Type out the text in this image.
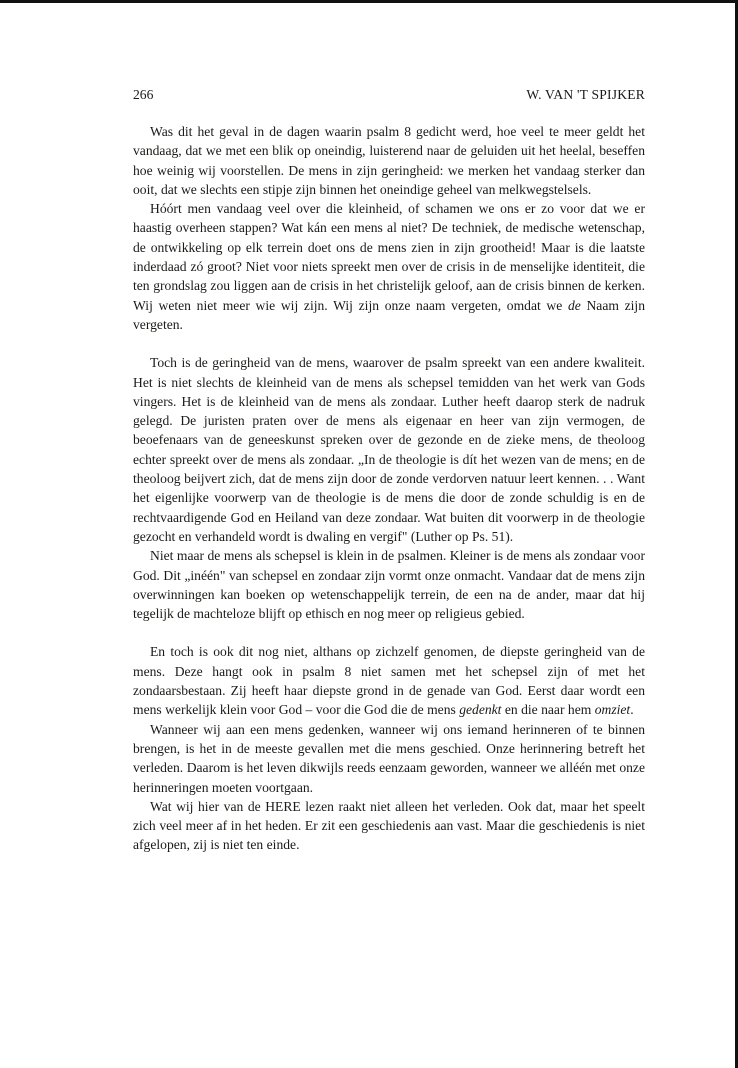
266	W. VAN 'T SPIJKER

Was dit het geval in de dagen waarin psalm 8 gedicht werd, hoe veel te meer geldt het vandaag, dat we met een blik op oneindig, luisterend naar de geluiden uit het heelal, beseffen hoe weinig wij voorstellen. De mens in zijn geringheid: we merken het vandaag sterker dan ooit, dat we slechts een stipje zijn binnen het oneindige geheel van melkwegstelsels.

Hóórt men vandaag veel over die kleinheid, of schamen we ons er zo voor dat we er haastig overheen stappen? Wat kán een mens al niet? De techniek, de medische wetenschap, de ontwikkeling op elk terrein doet ons de mens zien in zijn grootheid! Maar is die laatste inderdaad zó groot? Niet voor niets spreekt men over de crisis in de menselijke identiteit, die ten grondslag zou liggen aan de crisis in het christelijk geloof, aan de crisis binnen de kerken. Wij weten niet meer wie wij zijn. Wij zijn onze naam vergeten, omdat we de Naam zijn vergeten.

Toch is de geringheid van de mens, waarover de psalm spreekt van een andere kwaliteit. Het is niet slechts de kleinheid van de mens als schepsel temidden van het werk van Gods vingers. Het is de kleinheid van de mens als zondaar. Luther heeft daarop sterk de nadruk gelegd. De juristen praten over de mens als eigenaar en heer van zijn vermogen, de beoefenaars van de geneeskunst spreken over de gezonde en de zieke mens, de theoloog echter spreekt over de mens als zondaar. „In de theologie is dít het wezen van de mens; en de theoloog beijvert zich, dat de mens zijn door de zonde verdorven natuur leert kennen. . . Want het eigenlijke voorwerp van de theologie is de mens die door de zonde schuldig is en de rechtvaardigende God en Heiland van deze zondaar. Wat buiten dit voorwerp in de theologie gezocht en verhandeld wordt is dwaling en vergif" (Luther op Ps. 51).

Niet maar de mens als schepsel is klein in de psalmen. Kleiner is de mens als zondaar voor God. Dit „inéén" van schepsel en zondaar zijn vormt onze onmacht. Vandaar dat de mens zijn overwinningen kan boeken op wetenschappelijk terrein, de een na de ander, maar dat hij tegelijk de machteloze blijft op ethisch en nog meer op religieus gebied.

En toch is ook dit nog niet, althans op zichzelf genomen, de diepste geringheid van de mens. Deze hangt ook in psalm 8 niet samen met het schepsel zijn of met het zondaarsbestaan. Zij heeft haar diepste grond in de genade van God. Eerst daar wordt een mens werkelijk klein voor God – voor die God die de mens gedenkt en die naar hem omziet.

Wanneer wij aan een mens gedenken, wanneer wij ons iemand herinneren of te binnen brengen, is het in de meeste gevallen met die mens geschied. Onze herinnering betreft het verleden. Daarom is het leven dikwijls reeds eenzaam geworden, wanneer we alléén met onze herinneringen moeten voortgaan.

Wat wij hier van de HERE lezen raakt niet alleen het verleden. Ook dat, maar het speelt zich veel meer af in het heden. Er zit een geschiedenis aan vast. Maar die geschiedenis is niet afgelopen, zij is niet ten einde.
